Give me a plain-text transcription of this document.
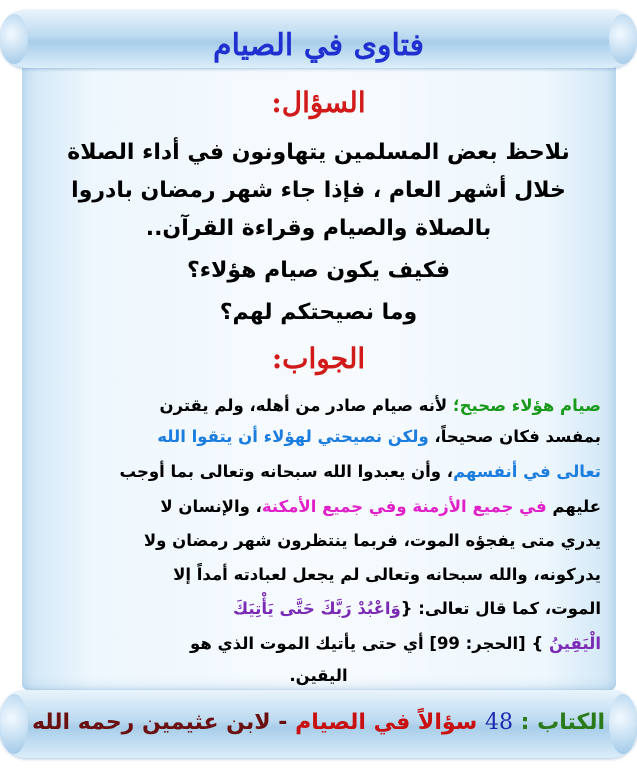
فتاوى في الصيام
السؤال:
نلاحظ بعض المسلمين يتهاونون في أداء الصلاة
خلال أشهر العام ، فإذا جاء شهر رمضان بادروا
بالصلاة والصيام وقراءة القرآن..
فكيف يكون صيام هؤلاء؟
وما نصيحتكم لهم؟
الجواب:
صيام هؤلاء صحيح؛ لأنه صيام صادر من أهله، ولم يقترن
بمفسد فكان صحيحاً، ولكن نصيحتي لهؤلاء أن يتقوا الله
تعالى في أنفسهم، وأن يعبدوا الله سبحانه وتعالى بما أوجب
عليهم في جميع الأزمنة وفي جميع الأمكنة، والإنسان لا
يدري متى يفجؤه الموت، فربما ينتظرون شهر رمضان ولا
يدركونه، والله سبحانه وتعالى لم يجعل لعبادته أمداً إلا
الموت، كما قال تعالى: {وَاعْبُدْ رَبَّكَ حَتَّى يَأْتِيَكَ
الْيَقِينُ } [الحجر: 99] أي حتى يأتيك الموت الذي هو
اليقين.
الكتاب : 48 سؤالاً في الصيام - لابن عثيمين رحمه الله
